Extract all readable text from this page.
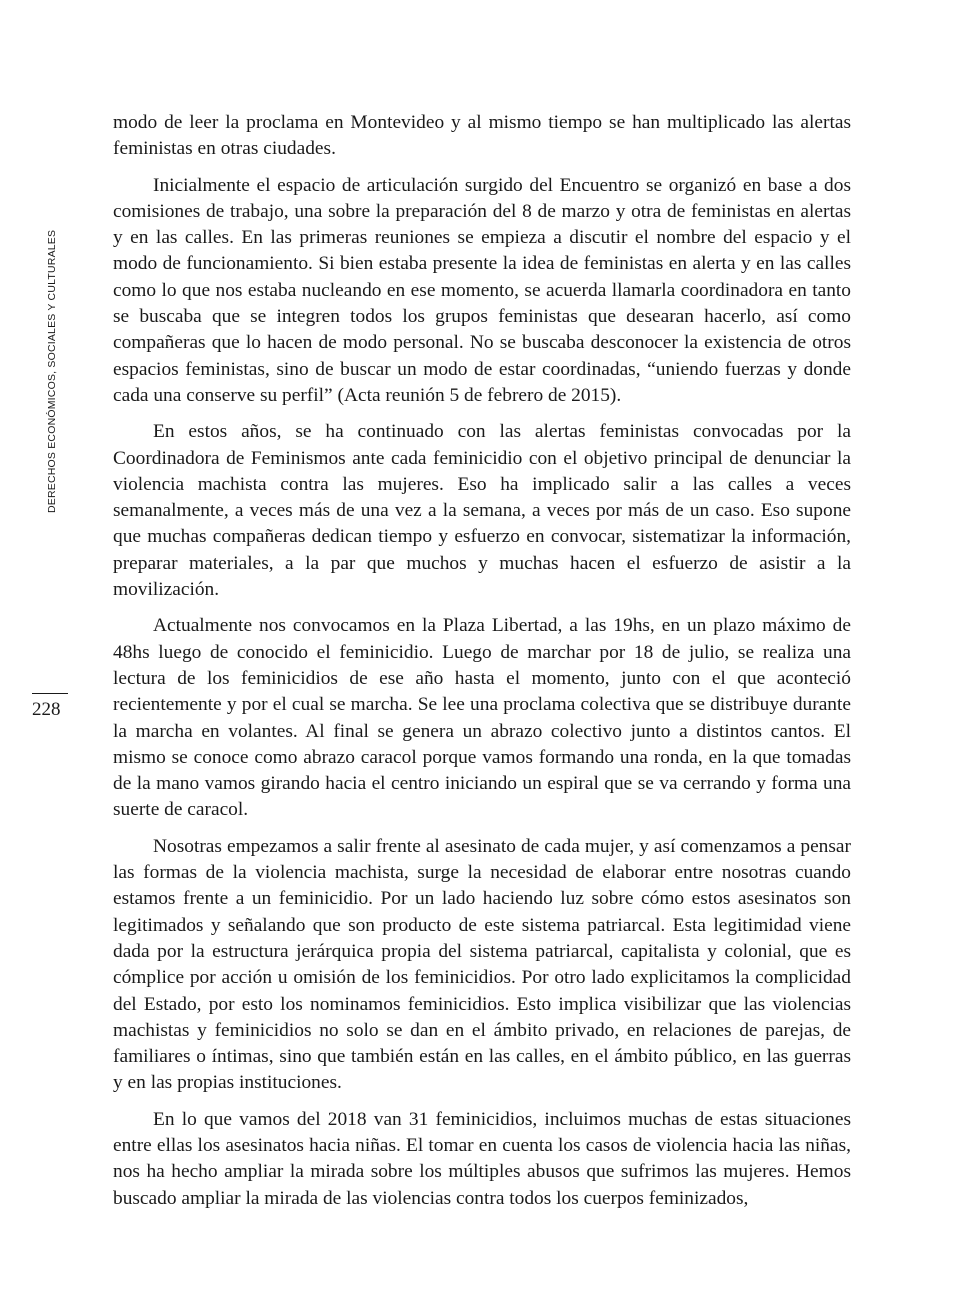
DERECHOS ECONÓMICOS, SOCIALES Y CULTURALES
228

modo de leer la proclama en Montevideo y al mismo tiempo se han multiplicado las alertas feministas en otras ciudades.

Inicialmente el espacio de articulación surgido del Encuentro se organizó en base a dos comisiones de trabajo, una sobre la preparación del 8 de marzo y otra de feministas en alertas y en las calles. En las primeras reuniones se empieza a discutir el nombre del espacio y el modo de funcionamiento. Si bien estaba presente la idea de feministas en alerta y en las calles como lo que nos estaba nucleando en ese momento, se acuerda llamarla coordinadora en tanto se buscaba que se integren todos los grupos feministas que desearan hacerlo, así como compañeras que lo hacen de modo personal. No se buscaba desconocer la existencia de otros espacios feministas, sino de buscar un modo de estar coordinadas, “uniendo fuerzas y donde cada una conserve su perfil” (Acta reunión 5 de febrero de 2015).

En estos años, se ha continuado con las alertas feministas convocadas por la Coordinadora de Feminismos ante cada feminicidio con el objetivo principal de denunciar la violencia machista contra las mujeres. Eso ha implicado salir a las calles a veces semanalmente, a veces más de una vez a la semana, a veces por más de un caso. Eso supone que muchas compañeras dedican tiempo y esfuerzo en convocar, sistematizar la información, preparar materiales, a la par que muchos y muchas hacen el esfuerzo de asistir a la movilización.

Actualmente nos convocamos en la Plaza Libertad, a las 19hs, en un plazo máximo de 48hs luego de conocido el feminicidio. Luego de marchar por 18 de julio, se realiza una lectura de los feminicidios de ese año hasta el momento, junto con el que aconteció recientemente y por el cual se marcha. Se lee una proclama colectiva que se distribuye durante la marcha en volantes. Al final se genera un abrazo colectivo junto a distintos cantos. El mismo se conoce como abrazo caracol porque vamos formando una ronda, en la que tomadas de la mano vamos girando hacia el centro iniciando un espiral que se va cerrando y forma una suerte de caracol.

Nosotras empezamos a salir frente al asesinato de cada mujer, y así comenzamos a pensar las formas de la violencia machista, surge la necesidad de elaborar entre nosotras cuando estamos frente a un feminicidio. Por un lado haciendo luz sobre cómo estos asesinatos son legitimados y señalando que son producto de este sistema patriarcal. Esta legitimidad viene dada por la estructura jerárquica propia del sistema patriarcal, capitalista y colonial, que es cómplice por acción u omisión de los feminicidios. Por otro lado explicitamos la complicidad del Estado, por esto los nominamos feminicidios. Esto implica visibilizar que las violencias machistas y feminicidios no solo se dan en el ámbito privado, en relaciones de parejas, de familiares o íntimas, sino que también están en las calles, en el ámbito público, en las guerras y en las propias instituciones.

En lo que vamos del 2018 van 31 feminicidios, incluimos muchas de estas situaciones entre ellas los asesinatos hacia niñas. El tomar en cuenta los casos de violencia hacia las niñas, nos ha hecho ampliar la mirada sobre los múltiples abusos que sufrimos las mujeres. Hemos buscado ampliar la mirada de las violencias contra todos los cuerpos feminizados,
